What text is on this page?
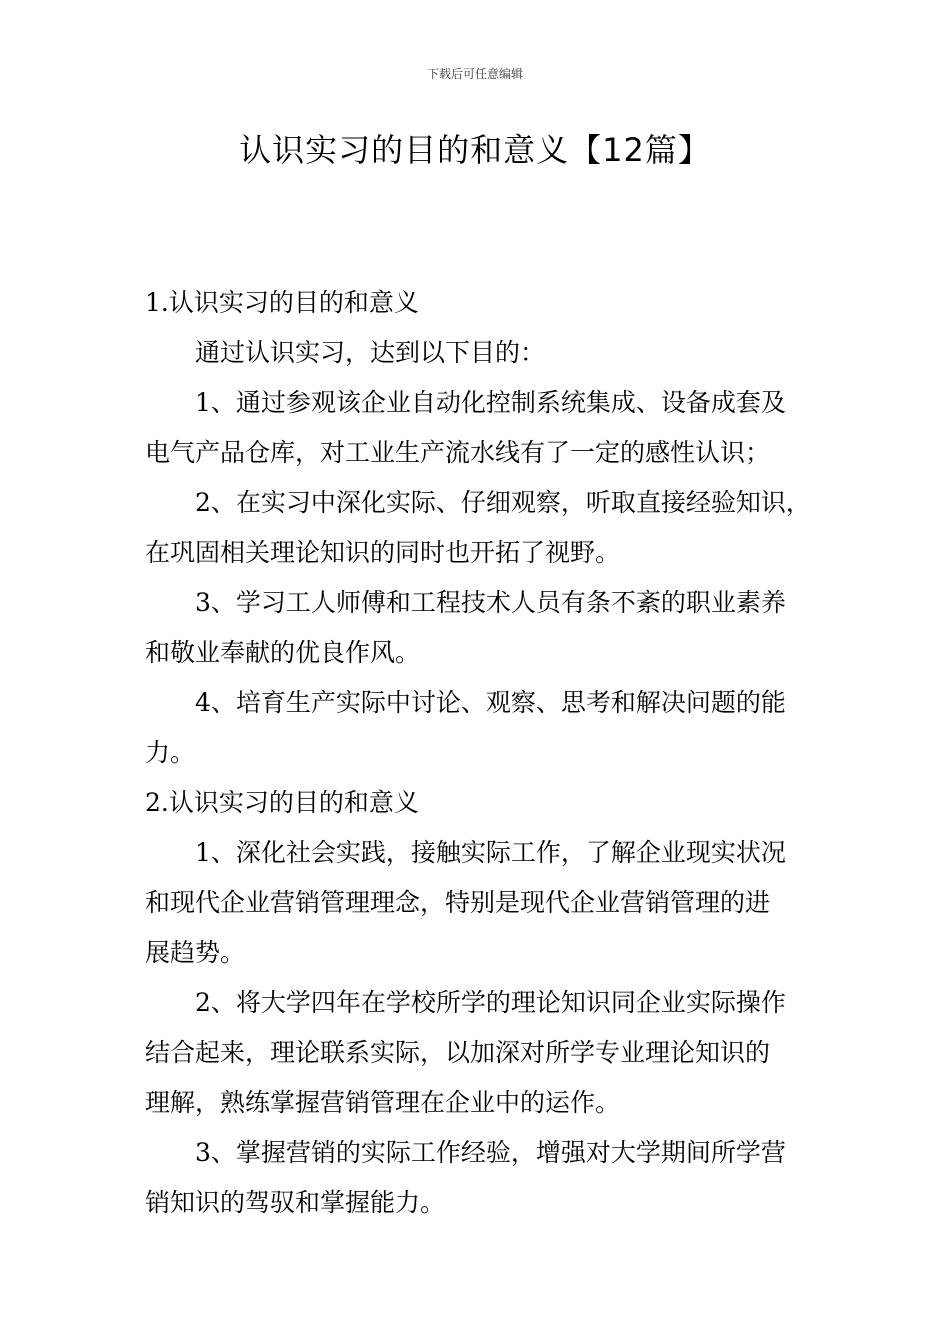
下载后可任意编辑
认识实习的目的和意义【12篇】

1.认识实习的目的和意义

通过认识实习，达到以下目的：

1、通过参观该企业自动化控制系统集成、设备成套及

电气产品仓库，对工业生产流水线有了一定的感性认识；

2、在实习中深化实际、仔细观察，听取直接经验知识，

在巩固相关理论知识的同时也开拓了视野。

3、学习工人师傅和工程技术人员有条不紊的职业素养

和敬业奉献的优良作风。

4、培育生产实际中讨论、观察、思考和解决问题的能

力。

2.认识实习的目的和意义

1、深化社会实践，接触实际工作，了解企业现实状况

和现代企业营销管理理念，特别是现代企业营销管理的进

展趋势。

2、将大学四年在学校所学的理论知识同企业实际操作

结合起来，理论联系实际，以加深对所学专业理论知识的

理解，熟练掌握营销管理在企业中的运作。

3、掌握营销的实际工作经验，增强对大学期间所学营

销知识的驾驭和掌握能力。
